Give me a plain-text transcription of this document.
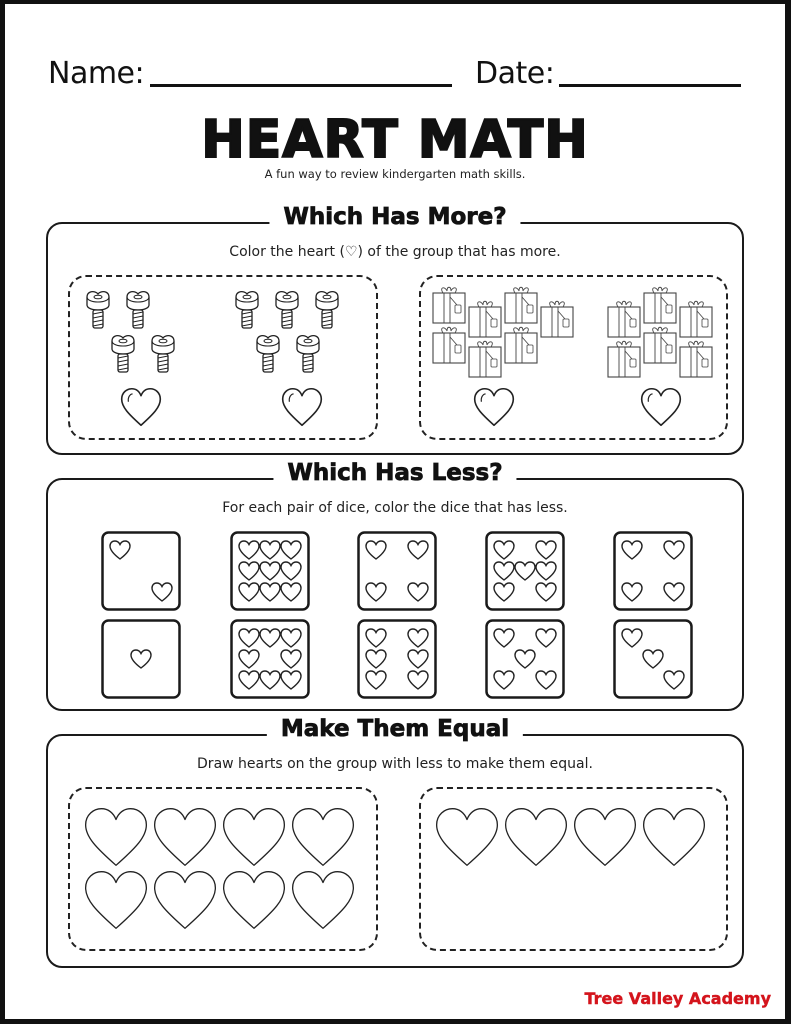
Name:	Date:
HEART MATH
A fun way to review kindergarten math skills.
Which Has More?
Color the heart (♡) of the group that has more.
Which Has Less?
For each pair of dice, color the dice that has less.
Make Them Equal
Draw hearts on the group with less to make them equal.
Tree Valley Academy
